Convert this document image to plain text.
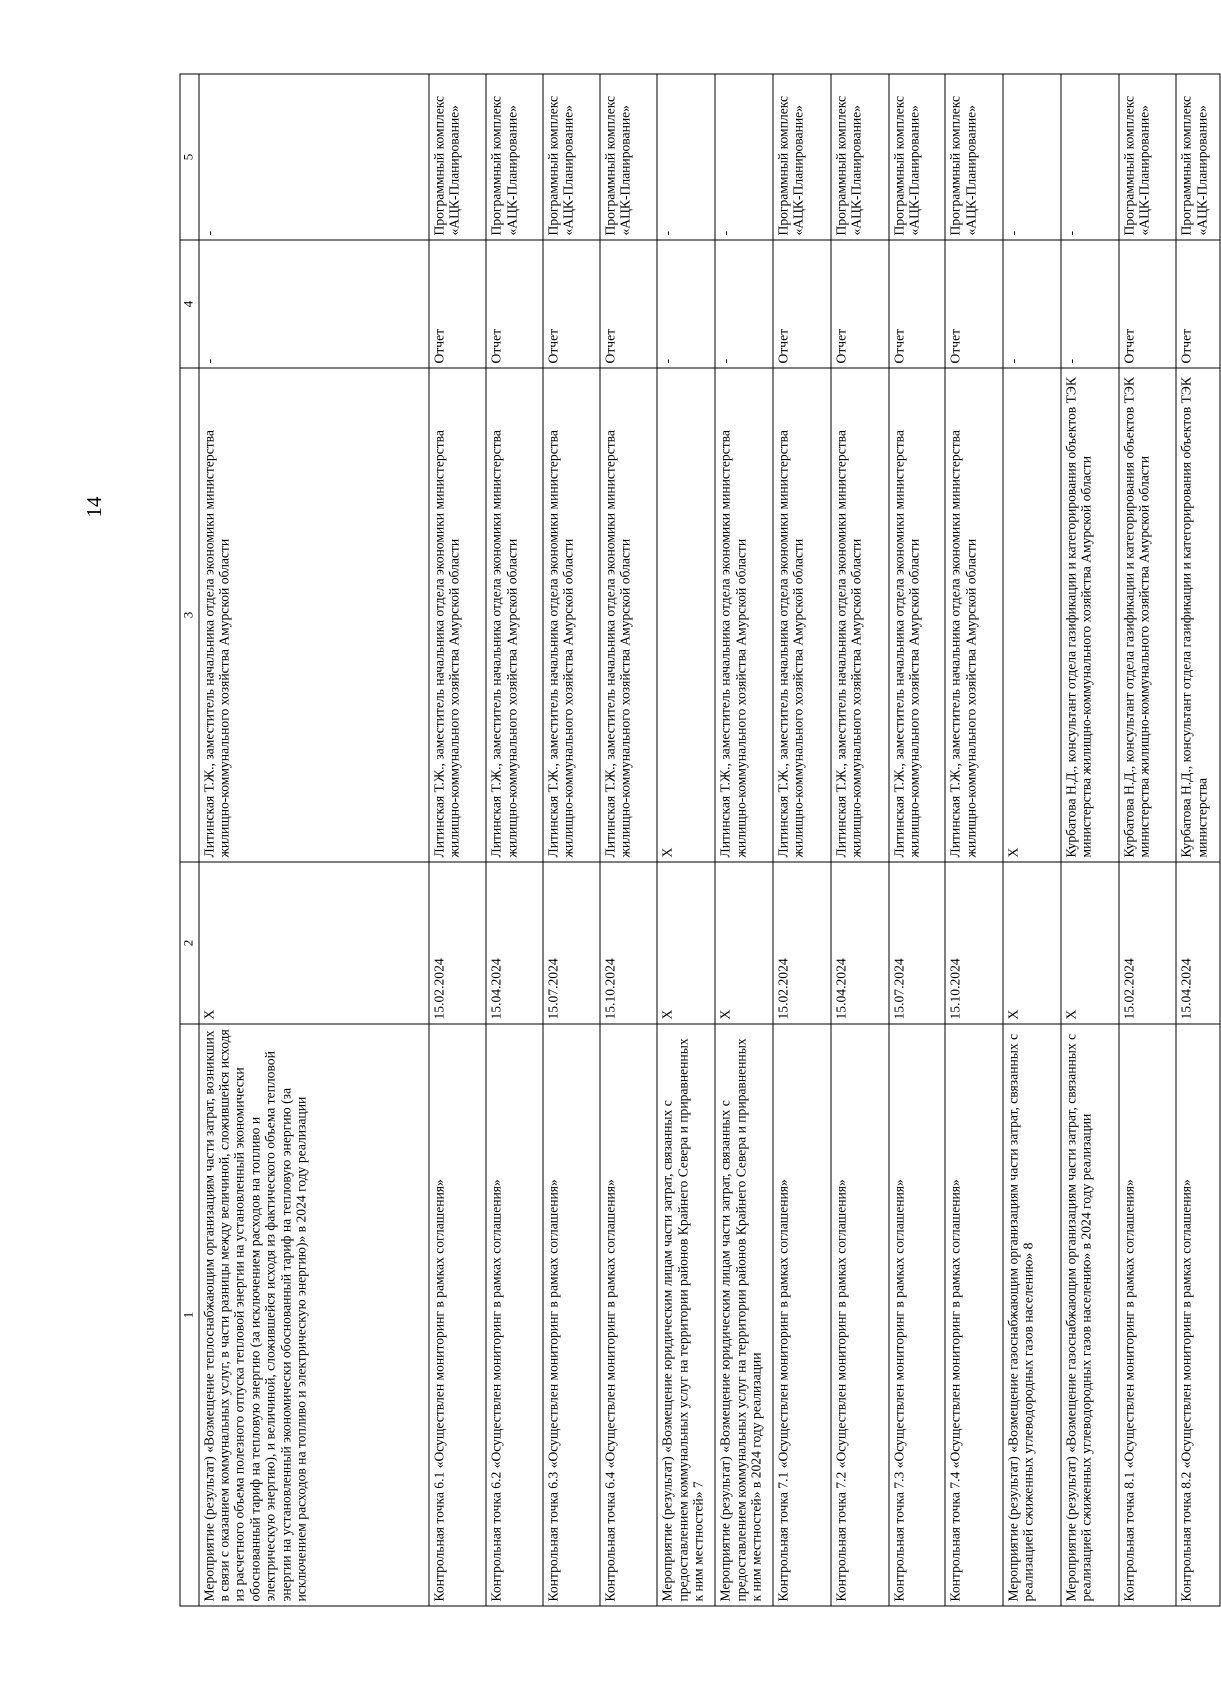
14
1	2	3	4	5
Мероприятие (результат) «Возмещение теплоснабжающим организациям части затрат, возникших в связи с оказанием коммунальных услуг, в части разницы между величиной, сложившейся исходя из расчетного объема полезного отпуска тепловой энергии на установленный экономически обоснованный тариф на тепловую энергию (за исключением расходов на топливо и электрическую энергию), и величиной, сложившейся исходя из фактического объема тепловой энергии на установленный экономически обоснованный тариф на тепловую энергию (за исключением расходов на топливо и электрическую энергию)» в 2024 году реализации	X	Литинская Т.Ж., заместитель начальника отдела экономики министерства жилищно-коммунального хозяйства Амурской области	-	-
Контрольная точка 6.1 «Осуществлен мониторинг в рамках соглашения»	15.02.2024	Литинская Т.Ж., заместитель начальника отдела экономики министерства жилищно-коммунального хозяйства Амурской области	Отчет	Программный комплекс «АЦК-Планирование»
Контрольная точка 6.2 «Осуществлен мониторинг в рамках соглашения»	15.04.2024	Литинская Т.Ж., заместитель начальника отдела экономики министерства жилищно-коммунального хозяйства Амурской области	Отчет	Программный комплекс «АЦК-Планирование»
Контрольная точка 6.3 «Осуществлен мониторинг в рамках соглашения»	15.07.2024	Литинская Т.Ж., заместитель начальника отдела экономики министерства жилищно-коммунального хозяйства Амурской области	Отчет	Программный комплекс «АЦК-Планирование»
Контрольная точка 6.4 «Осуществлен мониторинг в рамках соглашения»	15.10.2024	Литинская Т.Ж., заместитель начальника отдела экономики министерства жилищно-коммунального хозяйства Амурской области	Отчет	Программный комплекс «АЦК-Планирование»
Мероприятие (результат) «Возмещение юридическим лицам части затрат, связанных с предоставлением коммунальных услуг на территории районов Крайнего Севера и приравненных к ним местностей» 7	X	X	-	-
Мероприятие (результат) «Возмещение юридическим лицам части затрат, связанных с предоставлением коммунальных услуг на территории районов Крайнего Севера и приравненных к ним местностей» в 2024 году реализации	X	Литинская Т.Ж., заместитель начальника отдела экономики министерства жилищно-коммунального хозяйства Амурской области	-	-
Контрольная точка 7.1 «Осуществлен мониторинг в рамках соглашения»	15.02.2024	Литинская Т.Ж., заместитель начальника отдела экономики министерства жилищно-коммунального хозяйства Амурской области	Отчет	Программный комплекс «АЦК-Планирование»
Контрольная точка 7.2 «Осуществлен мониторинг в рамках соглашения»	15.04.2024	Литинская Т.Ж., заместитель начальника отдела экономики министерства жилищно-коммунального хозяйства Амурской области	Отчет	Программный комплекс «АЦК-Планирование»
Контрольная точка 7.3 «Осуществлен мониторинг в рамках соглашения»	15.07.2024	Литинская Т.Ж., заместитель начальника отдела экономики министерства жилищно-коммунального хозяйства Амурской области	Отчет	Программный комплекс «АЦК-Планирование»
Контрольная точка 7.4 «Осуществлен мониторинг в рамках соглашения»	15.10.2024	Литинская Т.Ж., заместитель начальника отдела экономики министерства жилищно-коммунального хозяйства Амурской области	Отчет	Программный комплекс «АЦК-Планирование»
Мероприятие (результат) «Возмещение газоснабжающим организациям части затрат, связанных с реализацией сжиженных углеводородных газов населению» 8	X	X	-	-
Мероприятие (результат) «Возмещение газоснабжающим организациям части затрат, связанных с реализацией сжиженных углеводородных газов населению» в 2024 году реализации	X	Курбатова Н.Д., консультант отдела газификации и категорирования объектов ТЭК министерства жилищно-коммунального хозяйства Амурской области	-	-
Контрольная точка 8.1 «Осуществлен мониторинг в рамках соглашения»	15.02.2024	Курбатова Н.Д., консультант отдела газификации и категорирования объектов ТЭК министерства жилищно-коммунального хозяйства Амурской области	Отчет	Программный комплекс «АЦК-Планирование»
Контрольная точка 8.2 «Осуществлен мониторинг в рамках соглашения»	15.04.2024	Курбатова Н.Д., консультант отдела газификации и категорирования объектов ТЭК министерства	Отчет	Программный комплекс «АЦК-Планирование»
